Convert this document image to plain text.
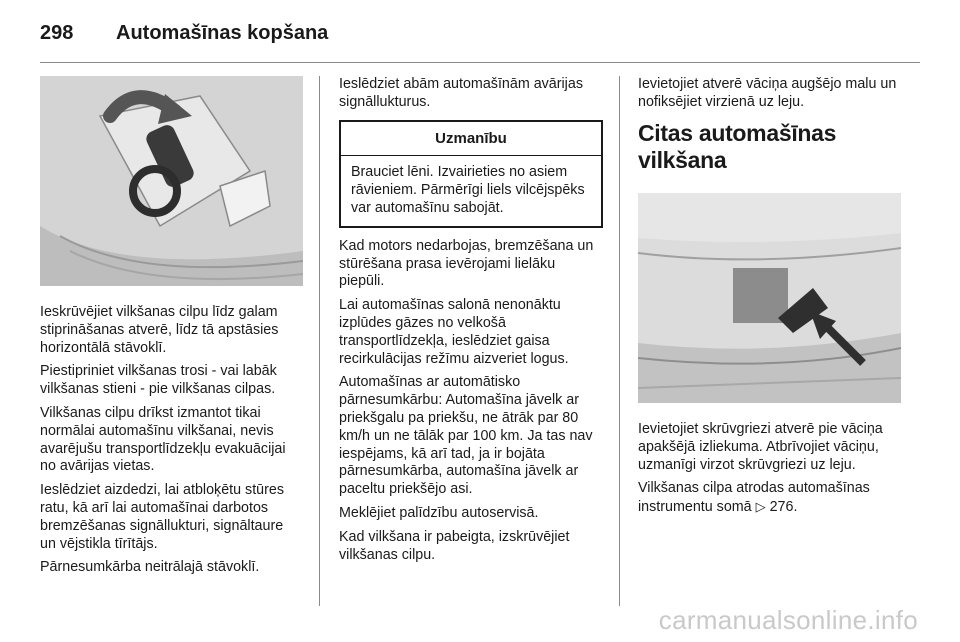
298	Automašīnas kopšana

Ieskrūvējiet vilkšanas cilpu līdz galam stiprināšanas atverē, līdz tā apstāsies horizontālā stāvoklī.

Piestipriniet vilkšanas trosi - vai labāk vilkšanas stieni - pie vilkšanas cilpas.

Vilkšanas cilpu drīkst izmantot tikai normālai automašīnu vilkšanai, nevis avarējušu transportlīdzekļu evakuācijai no avārijas vietas.

Ieslēdziet aizdedzi, lai atbloķētu stūres ratu, kā arī lai automašīnai darbotos bremzēšanas signāllukturi, signāltaure un vējstikla tīrītājs.

Pārnesumkārba neitrālajā stāvoklī.

Ieslēdziet abām automašīnām avārijas signāllukturus.

Uzmanību
Brauciet lēni. Izvairieties no asiem rāvieniem. Pārmērīgi liels vilcējspēks var automašīnu sabojāt.

Kad motors nedarbojas, bremzēšana un stūrēšana prasa ievērojami lielāku piepūli.

Lai automašīnas salonā nenonāktu izplūdes gāzes no velkošā transportlīdzekļa, ieslēdziet gaisa recirkulācijas režīmu aizveriet logus.

Automašīnas ar automātisko pārnesumkārbu: Automašīna jāvelk ar priekšgalu pa priekšu, ne ātrāk par 80 km/h un ne tālāk par 100 km. Ja tas nav iespējams, kā arī tad, ja ir bojāta pārnesumkārba, automašīna jāvelk ar paceltu priekšējo asi.

Meklējiet palīdzību autoservisā.

Kad vilkšana ir pabeigta, izskrūvējiet vilkšanas cilpu.

Ievietojiet atverē vāciņa augšējo malu un nofiksējiet virzienā uz leju.

Citas automašīnas vilkšana

Ievietojiet skrūvgriezi atverē pie vāciņa apakšējā izliekuma. Atbrīvojiet vāciņu, uzmanīgi virzot skrūvgriezi uz leju.

Vilkšanas cilpa atrodas automašīnas instrumentu somā ▷ 276.

carmanualsonline.info
